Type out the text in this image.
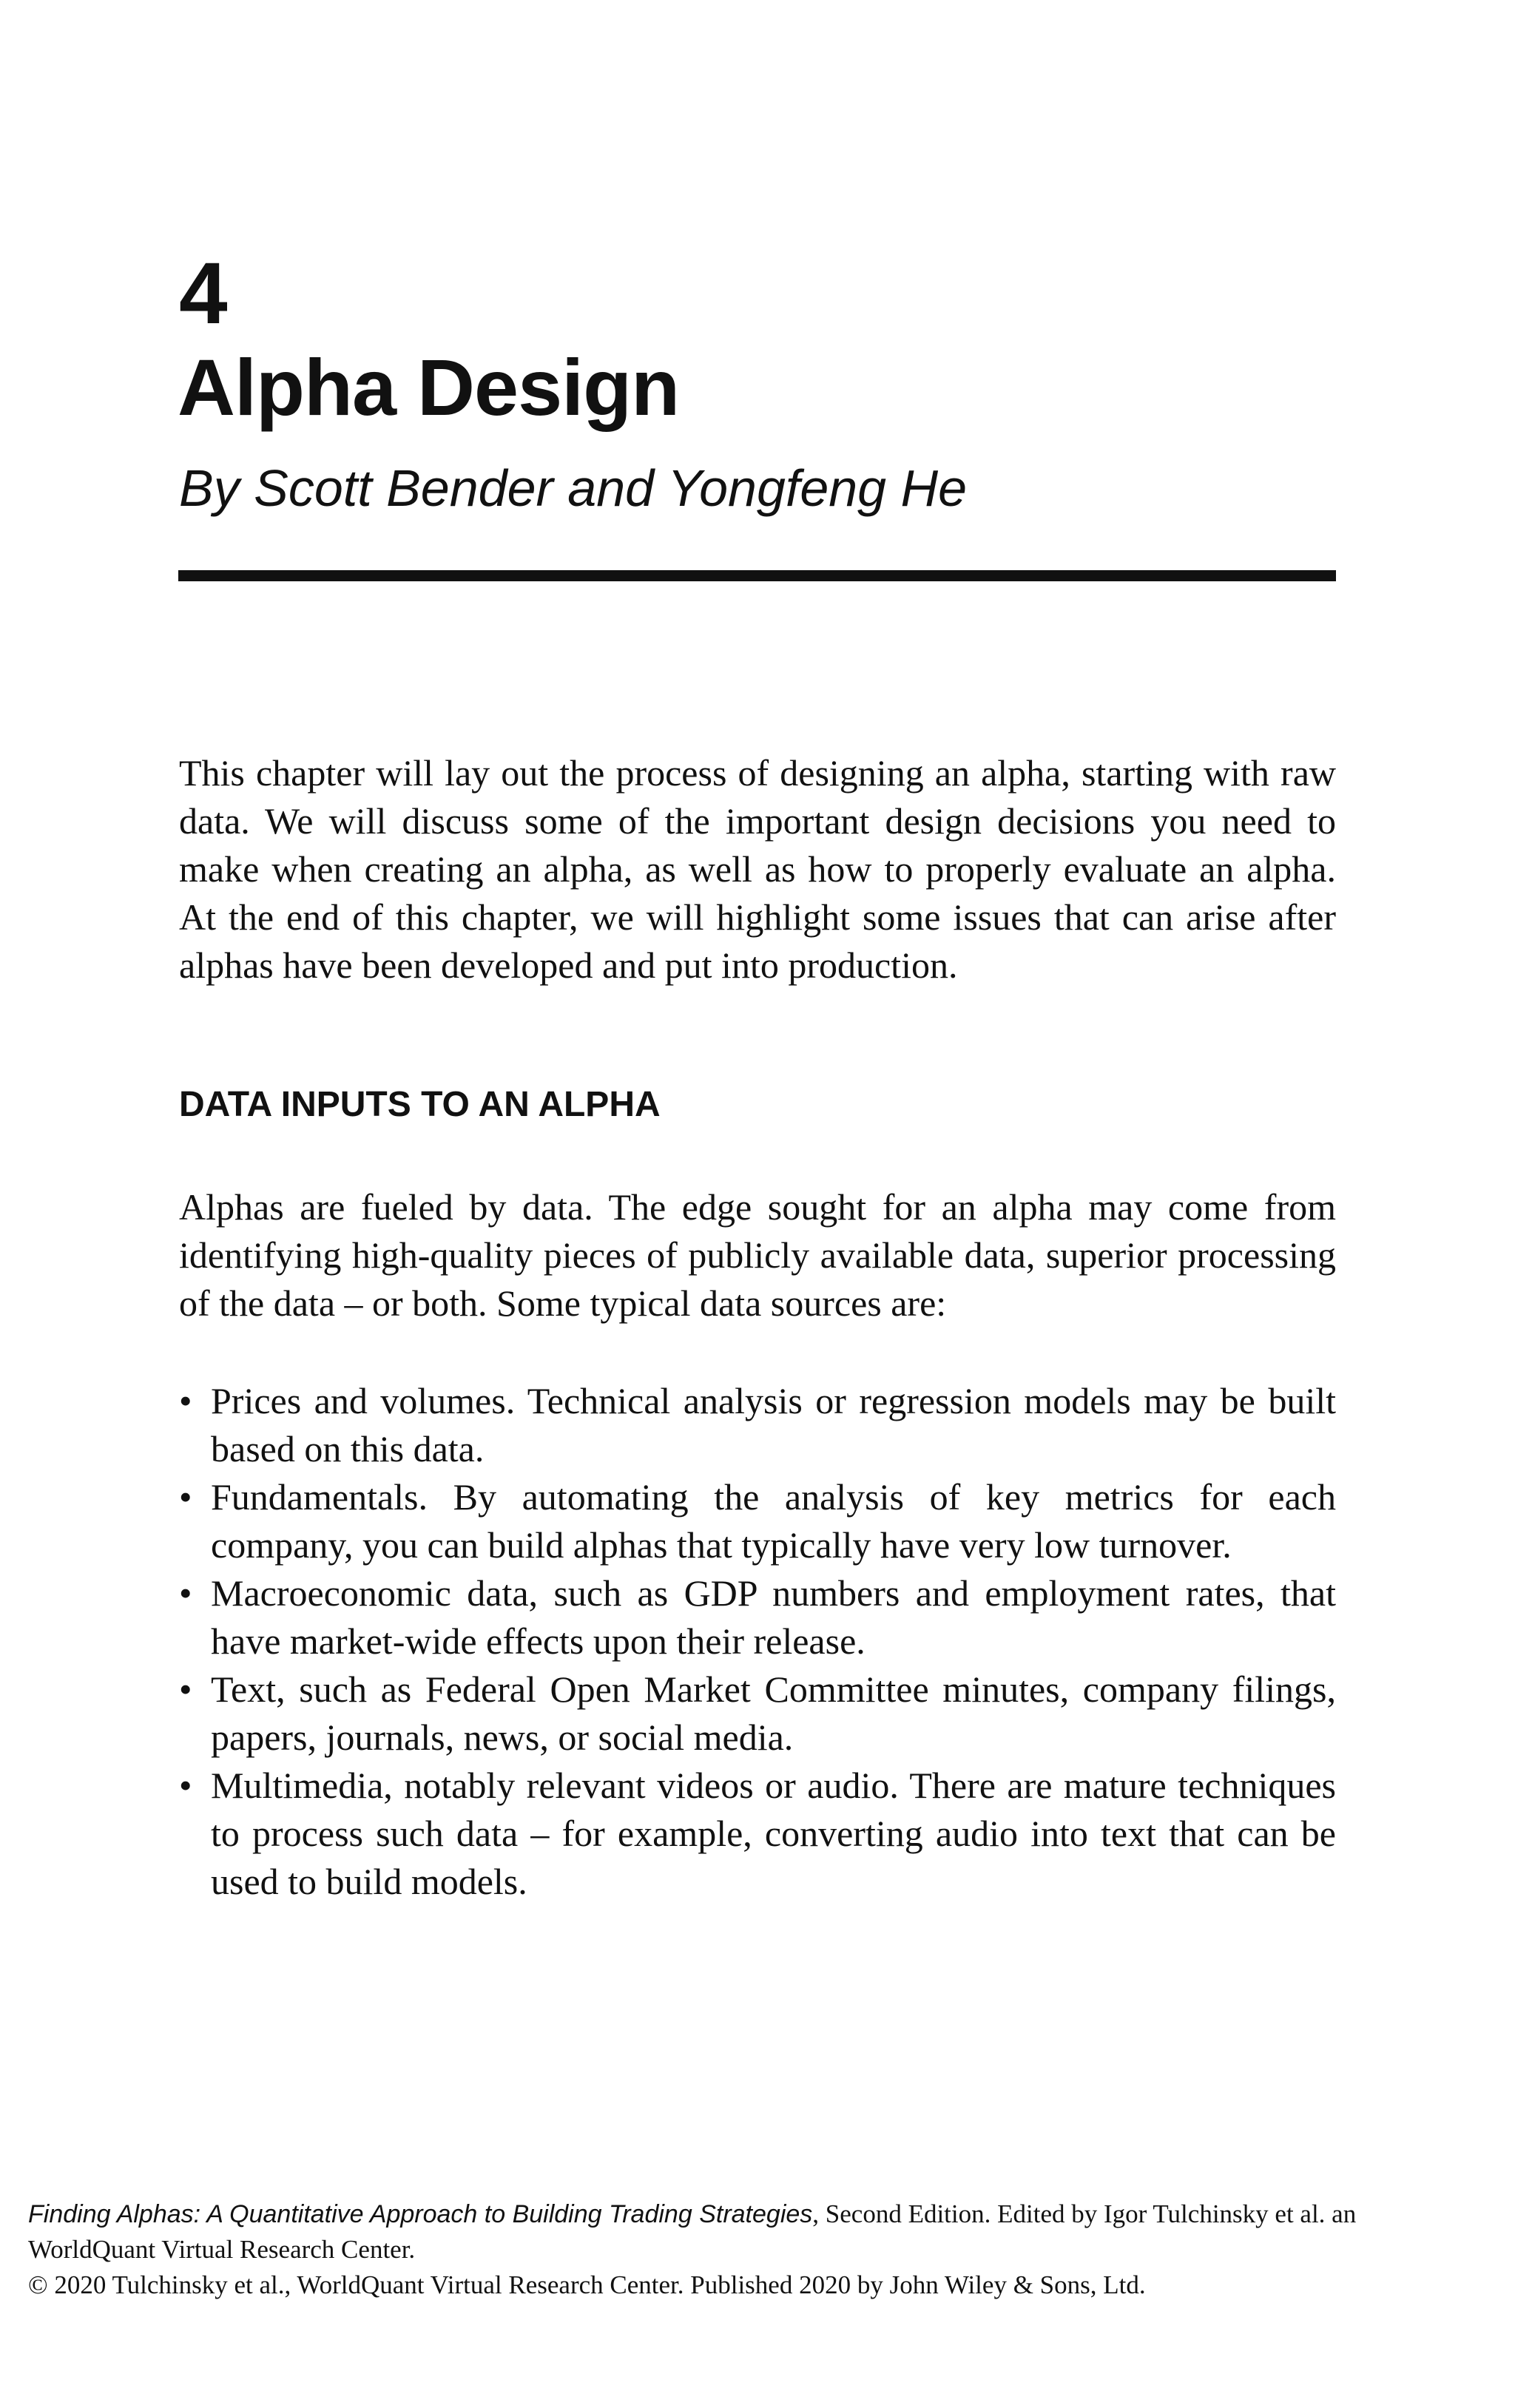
4
Alpha Design
By Scott Bender and Yongfeng He

This chapter will lay out the process of designing an alpha, starting with raw data. We will discuss some of the important design decisions you need to make when creating an alpha, as well as how to properly evaluate an alpha. At the end of this chapter, we will highlight some issues that can arise after alphas have been developed and put into production.

DATA INPUTS TO AN ALPHA

Alphas are fueled by data. The edge sought for an alpha may come from identifying high-quality pieces of publicly available data, superior processing of the data – or both. Some typical data sources are:

• Prices and volumes. Technical analysis or regression models may be built based on this data.
• Fundamentals. By automating the analysis of key metrics for each company, you can build alphas that typically have very low turnover.
• Macroeconomic data, such as GDP numbers and employment rates, that have market-wide effects upon their release.
• Text, such as Federal Open Market Committee minutes, company filings, papers, journals, news, or social media.
• Multimedia, notably relevant videos or audio. There are mature techniques to process such data – for example, converting audio into text that can be used to build models.
Finding Alphas: A Quantitative Approach to Building Trading Strategies, Second Edition. Edited by Igor Tulchinsky et al. an
WorldQuant Virtual Research Center.
© 2020 Tulchinsky et al., WorldQuant Virtual Research Center. Published 2020 by John Wiley & Sons, Ltd.
